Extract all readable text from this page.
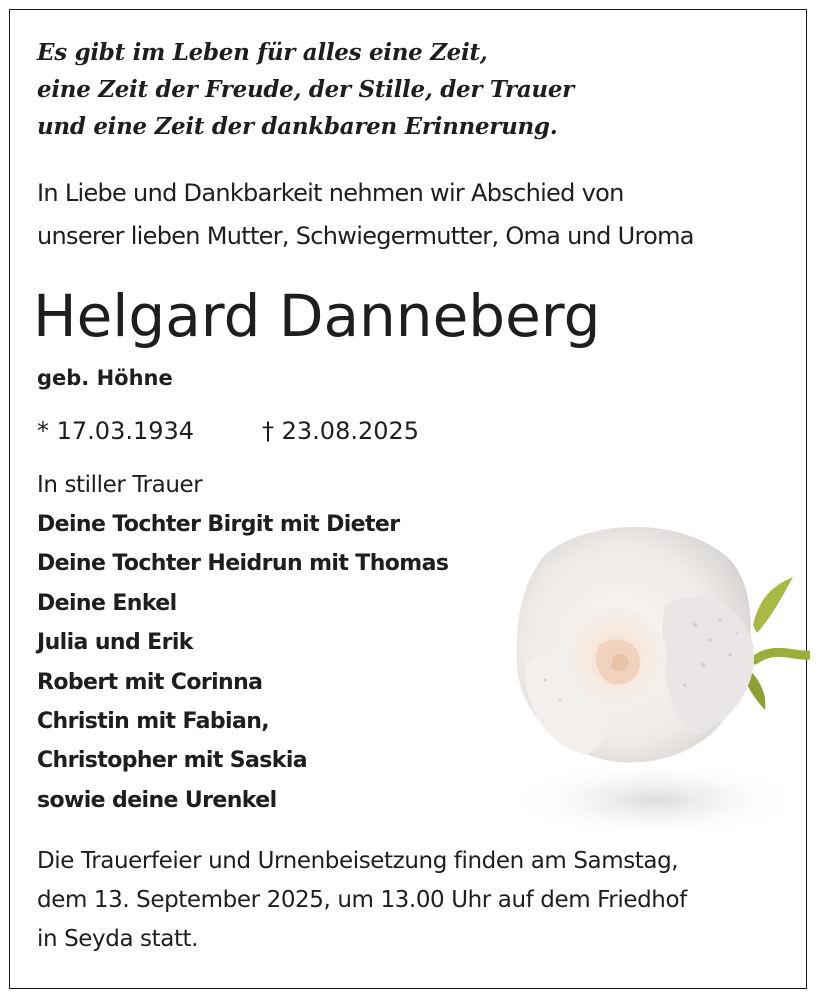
Es gibt im Leben für alles eine Zeit,
eine Zeit der Freude, der Stille, der Trauer
und eine Zeit der dankbaren Erinnerung.
In Liebe und Dankbarkeit nehmen wir Abschied von
unserer lieben Mutter, Schwiegermutter, Oma und Uroma
Helgard Danneberg
geb. Höhne
* 17.03.1934	† 23.08.2025
In stiller Trauer
Deine Tochter Birgit mit Dieter
Deine Tochter Heidrun mit Thomas
Deine Enkel
Julia und Erik
Robert mit Corinna
Christin mit Fabian,
Christopher mit Saskia
sowie deine Urenkel
Die Trauerfeier und Urnenbeisetzung finden am Samstag,
dem 13. September 2025, um 13.00 Uhr auf dem Friedhof
in Seyda statt.
